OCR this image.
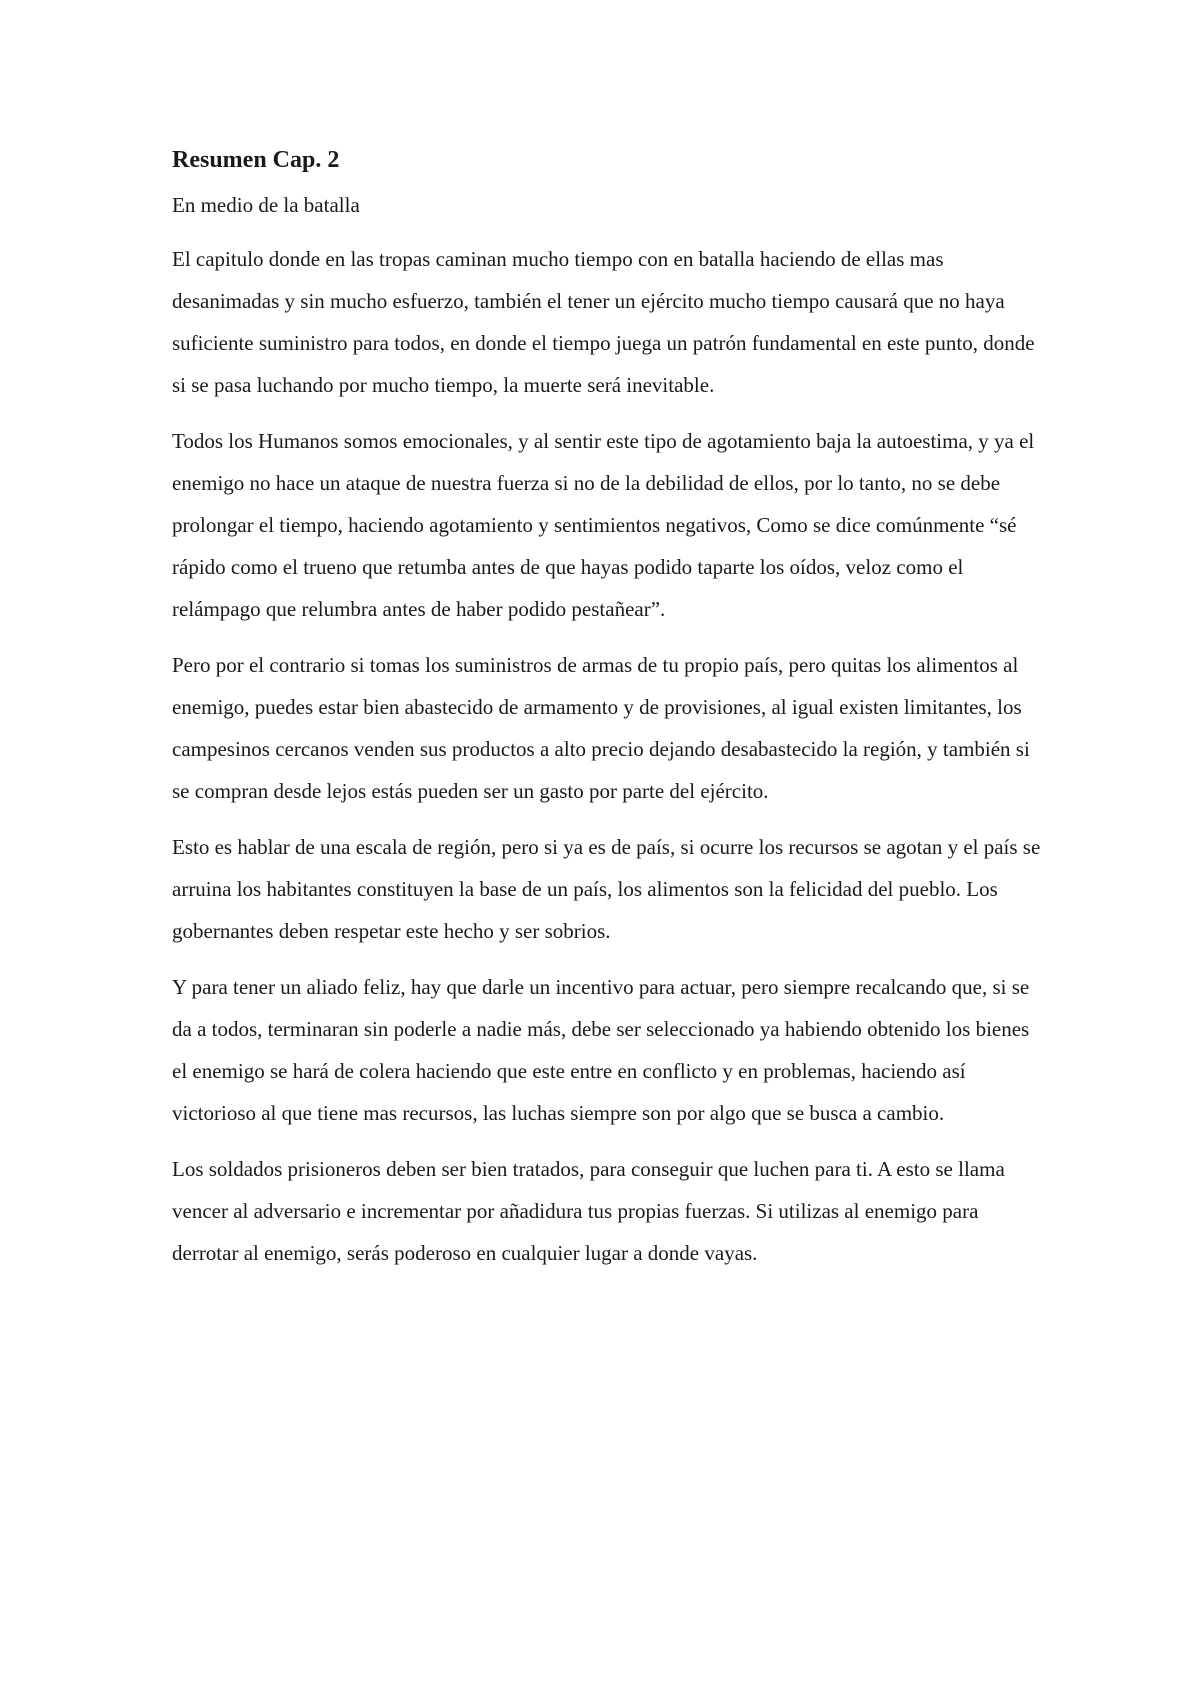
Resumen Cap. 2

En medio de la batalla

El capitulo donde en las tropas caminan mucho tiempo con en batalla haciendo de ellas mas desanimadas y sin mucho esfuerzo, también el tener un ejército mucho tiempo causará que no haya suficiente suministro para todos, en donde el tiempo juega un patrón fundamental en este punto, donde si se pasa luchando por mucho tiempo, la muerte será inevitable.

Todos los Humanos somos emocionales, y al sentir este tipo de agotamiento baja la autoestima, y ya el enemigo no hace un ataque de nuestra fuerza si no de la debilidad de ellos, por lo tanto, no se debe prolongar el tiempo, haciendo agotamiento y sentimientos negativos, Como se dice comúnmente “sé rápido como el trueno que retumba antes de que hayas podido taparte los oídos, veloz como el relámpago que relumbra antes de haber podido pestañear”.

Pero por el contrario si tomas los suministros de armas de tu propio país, pero quitas los alimentos al enemigo, puedes estar bien abastecido de armamento y de provisiones, al igual existen limitantes, los campesinos cercanos venden sus productos a alto precio dejando desabastecido la región, y también si se compran desde lejos estás pueden ser un gasto por parte del ejército.

Esto es hablar de una escala de región, pero si ya es de país, si ocurre los recursos se agotan y el país se arruina los habitantes constituyen la base de un país, los alimentos son la felicidad del pueblo. Los gobernantes deben respetar este hecho y ser sobrios.

Y para tener un aliado feliz, hay que darle un incentivo para actuar, pero siempre recalcando que, si se da a todos, terminaran sin poderle a nadie más, debe ser seleccionado ya habiendo obtenido los bienes el enemigo se hará de colera haciendo que este entre en conflicto y en problemas, haciendo así victorioso al que tiene mas recursos, las luchas siempre son por algo que se busca a cambio.

Los soldados prisioneros deben ser bien tratados, para conseguir que luchen para ti. A esto se llama vencer al adversario e incrementar por añadidura tus propias fuerzas. Si utilizas al enemigo para derrotar al enemigo, serás poderoso en cualquier lugar a donde vayas.
